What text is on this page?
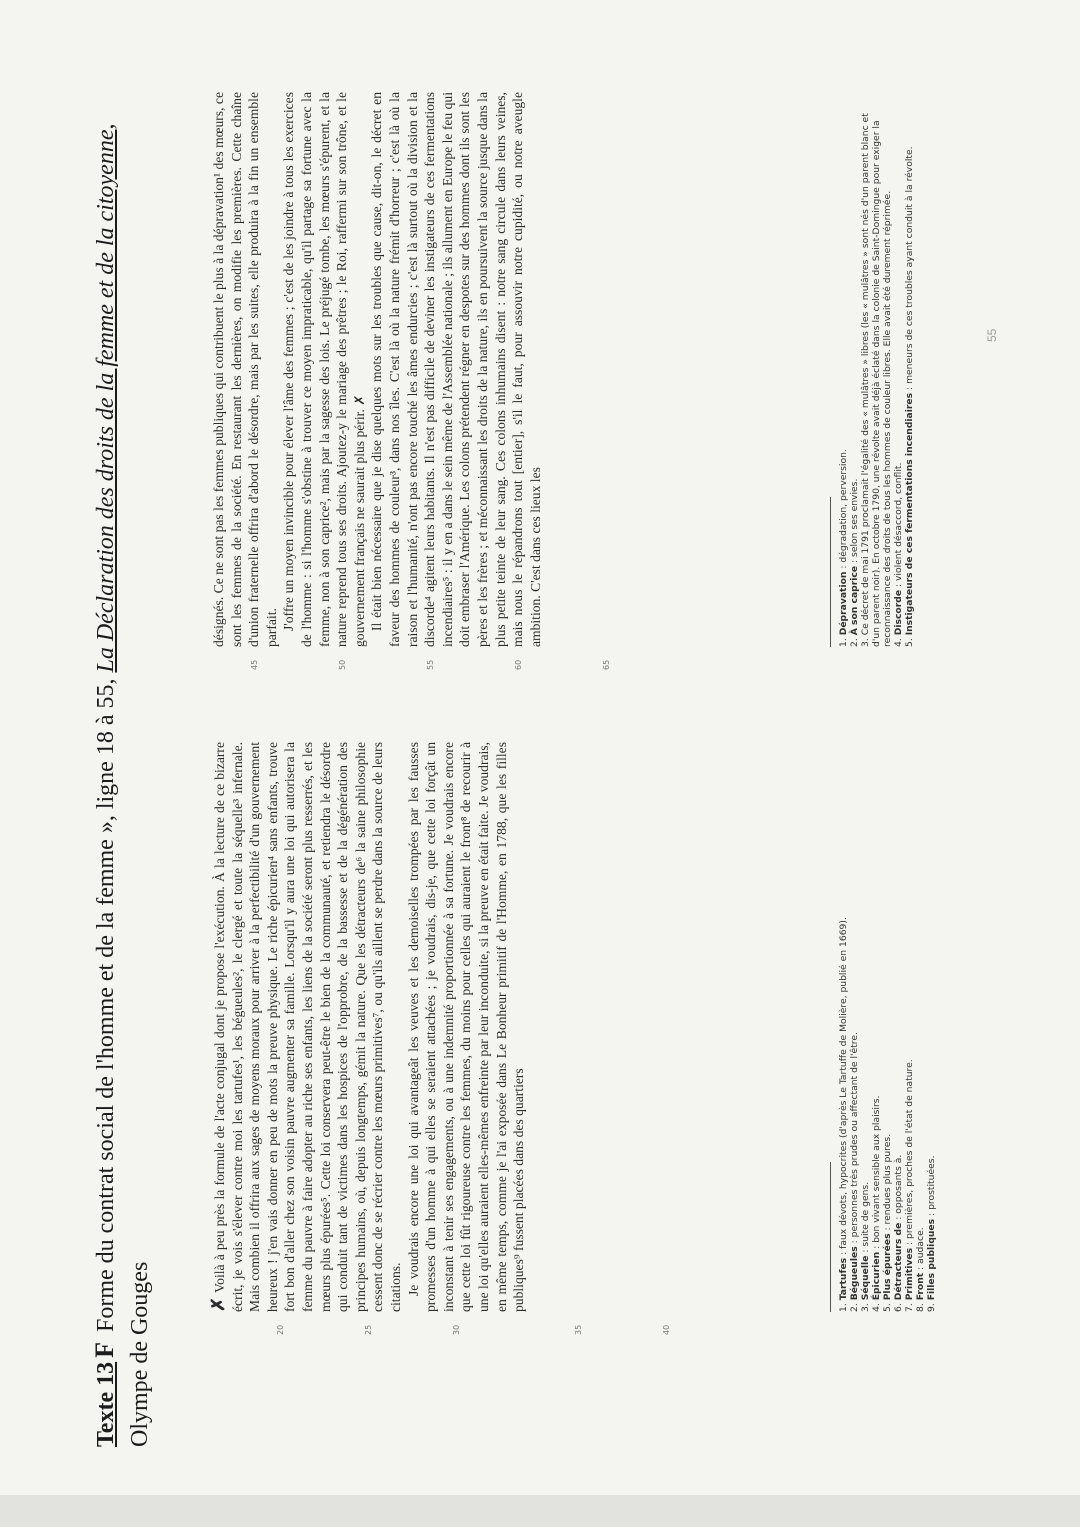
Texte 13F Forme du contrat social de l'homme et de la femme », ligne 18 à 55, La Déclaration des droits de la femme et de la citoyenne, Olympe de Gouges	20	25	30	35	40

✗Voilà à peu près la formule de l'acte conjugal dont je propose l'exécution. À la lecture de ce bizarre écrit, je vois s'élever contre moi les tartufes¹, les bégueules², le clergé et toute la séquelle³ infernale. Mais combien il offrira aux sages de moyens moraux pour arriver à la perfectibilité d'un gouvernement heureux ! j'en vais donner en peu de mots la preuve physique. Le riche épicurien⁴ sans enfants, trouve fort bon d'aller chez son voisin pauvre augmenter sa famille. Lorsqu'il y aura une loi qui autorisera la femme du pauvre à faire adopter au riche ses enfants, les liens de la société seront plus resserrés, et les mœurs plus épurées⁵. Cette loi conservera peut-être le bien de la communauté, et retiendra le désordre qui conduit tant de victimes dans les hospices de l'opprobre, de la bassesse et de la dégénération des principes humains, où, depuis longtemps, gémit la nature. Que les détracteurs de⁶ la saine philosophie cessent donc de se récrier contre les mœurs primitives⁷, ou qu'ils aillent se perdre dans la source de leurs citations. Je voudrais encore une loi qui avantageât les veuves et les demoiselles trompées par les fausses promesses d'un homme à qui elles se seraient attachées ; je voudrais, dis-je, que cette loi forçât un inconstant à tenir ses engagements, ou à une indemnité proportionnée à sa fortune. Je voudrais encore que cette loi fût rigoureuse contre les femmes, du moins pour celles qui auraient le front⁸ de recourir à une loi qu'elles auraient elles-mêmes enfreinte par leur inconduite, si la preuve en était faite. Je voudrais, en même temps, comme je l'ai exposée dans Le Bonheur primitif de l'Homme, en 1788, que les filles publiques⁹ fussent placées dans des quartiers

45	50	55	60	65

désignés. Ce ne sont pas les femmes publiques qui contribuent le plus à la dépravation¹ des mœurs, ce sont les femmes de la société. En restaurant les dernières, on modifie les premières. Cette chaîne d'union fraternelle offrira d'abord le désordre, mais par les suites, elle produira à la fin un ensemble parfait. J'offre un moyen invincible pour élever l'âme des femmes ; c'est de les joindre à tous les exercices de l'homme : si l'homme s'obstine à trouver ce moyen impraticable, qu'il partage sa fortune avec la femme, non à son caprice², mais par la sagesse des lois. Le préjugé tombe, les mœurs s'épurent, et la nature reprend tous ses droits. Ajoutez-y le mariage des prêtres ; le Roi, raffermi sur son trône, et le gouvernement français ne saurait plus périr. ✗ Il était bien nécessaire que je dise quelques mots sur les troubles que cause, dit-on, le décret en faveur des hommes de couleur³, dans nos îles. C'est là où la nature frémit d'horreur ; c'est là où la raison et l'humanité, n'ont pas encore touché les âmes endurcies ; c'est là surtout où la division et la discorde⁴ agitent leurs habitants. Il n'est pas difficile de deviner les instigateurs de ces fermentations incendiaires⁵ : il y en a dans le sein même de l'Assemblée nationale ; ils allument en Europe le feu qui doit embraser l'Amérique. Les colons prétendent régner en despotes sur des hommes dont ils sont les pères et les frères ; et méconnaissant les droits de la nature, ils en poursuivent la source jusque dans la plus petite teinte de leur sang. Ces colons inhumains disent : notre sang circule dans leurs veines, mais nous le répandrons tout [entier], s'il le faut, pour assouvir notre cupidité, ou notre aveugle ambition. C'est dans ces lieux les

1. Tartufes : faux dévots, hypocrites (d'après Le Tartuffe de Molière, publié en 1669).
2. Bégueules : personnes très prudes ou affectant de l'être.
3. Séquelle : suite de gens.
4. Épicurien : bon vivant sensible aux plaisirs.
5. Plus épurées : rendues plus pures.
6. Détracteurs de : opposants à.
7. Primitives : premières, proches de l'état de nature.
8. Front : audace.
9. Filles publiques : prostituées.
1. Dépravation : dégradation, perversion.
2. À son caprice : selon ses envies.
3. Ce décret de mai 1791 proclamait l'égalité des « mulâtres » libres (les « mulâtres » sont nés d'un parent blanc et d'un parent noir). En octobre 1790, une révolte avait déjà éclaté dans la colonie de Saint-Domingue pour exiger la reconnaissance des droits de tous les hommes de couleur libres. Elle avait été durement réprimée. 4. Discorde : violent désaccord, conflit.
5. Instigateurs de ces fermentations incendiaires : meneurs de ces troubles ayant conduit à la révolte.	55
